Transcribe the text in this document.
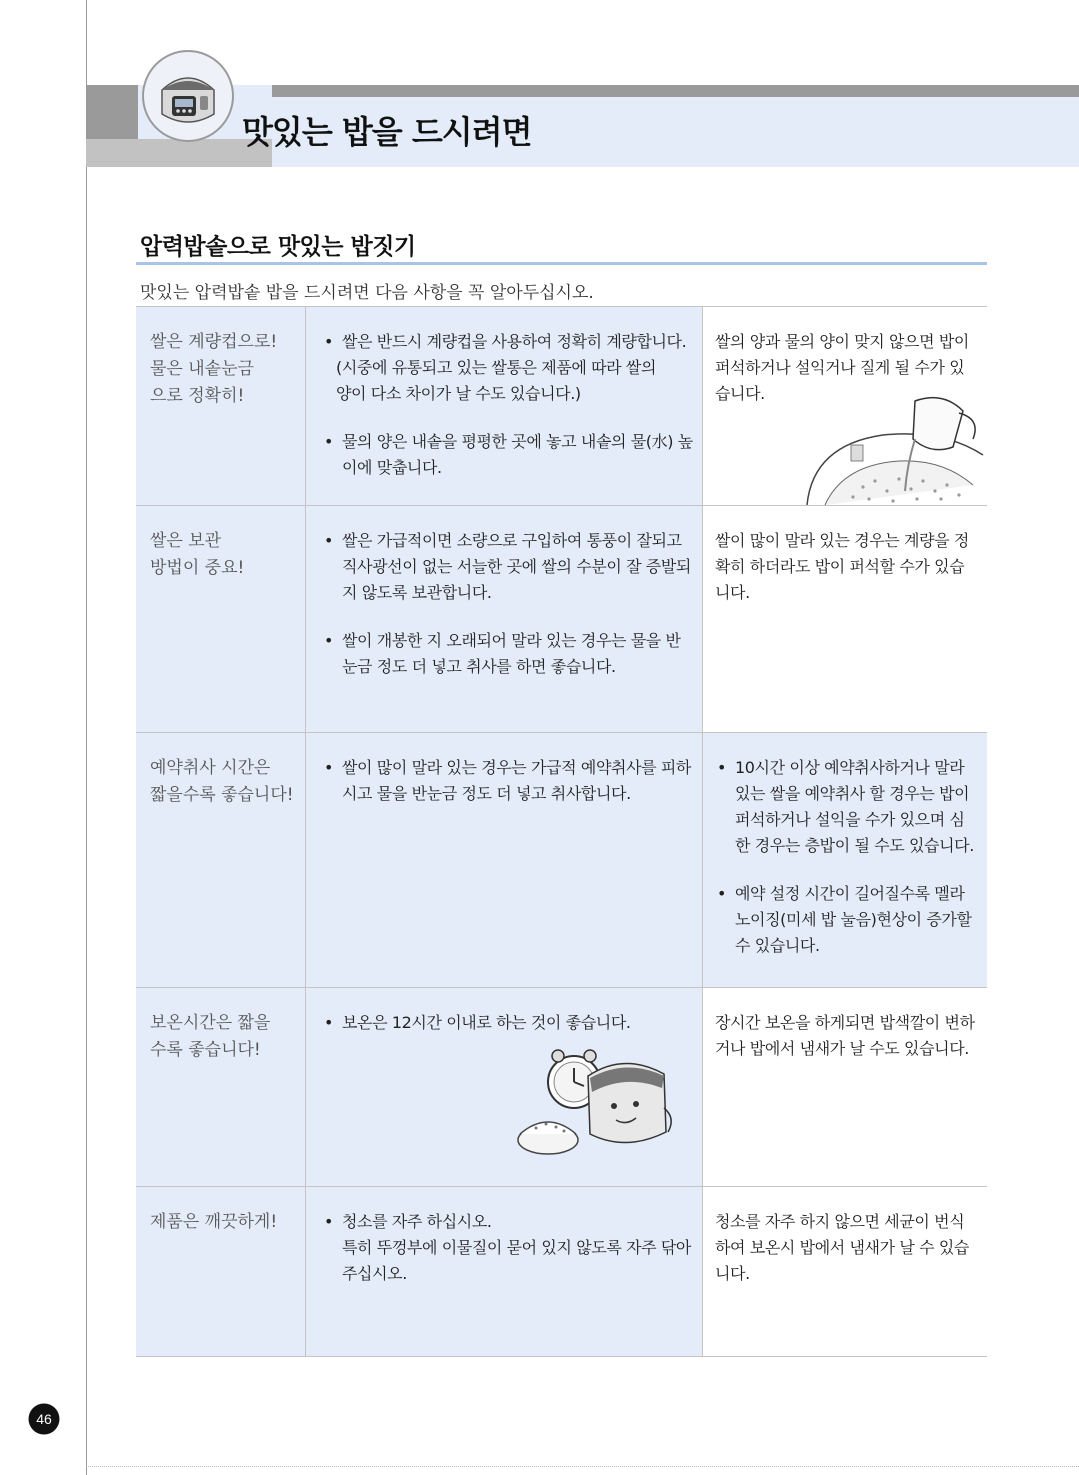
맛있는 밥을 드시려면
압력밥솥으로 맛있는 밥짓기
맛있는 압력밥솥 밥을 드시려면 다음 사항을 꼭 알아두십시오.
쌀은 계량컵으로!
물은 내솥눈금
으로 정확히!
• 쌀은 반드시 계량컵을 사용하여 정확히 계량합니다.
(시중에 유통되고 있는 쌀통은 제품에 따라 쌀의
양이 다소 차이가 날 수도 있습니다.)
• 물의 양은 내솥을 평평한 곳에 놓고 내솥의 물(水) 높이에 맞춥니다.
쌀의 양과 물의 양이 맞지 않으면 밥이 퍼석하거나 설익거나 질게 될 수가 있습니다.
쌀은 보관
방법이 중요!
• 쌀은 가급적이면 소량으로 구입하여 통풍이 잘되고 직사광선이 없는 서늘한 곳에 쌀의 수분이 잘 증발되지 않도록 보관합니다.
• 쌀이 개봉한 지 오래되어 말라 있는 경우는 물을 반눈금 정도 더 넣고 취사를 하면 좋습니다.
쌀이 많이 말라 있는 경우는 계량을 정확히 하더라도 밥이 퍼석할 수가 있습니다.
예약취사 시간은
짧을수록 좋습니다!
• 쌀이 많이 말라 있는 경우는 가급적 예약취사를 피하시고 물을 반눈금 정도 더 넣고 취사합니다.
• 10시간 이상 예약취사하거나 말라 있는 쌀을 예약취사 할 경우는 밥이 퍼석하거나 설익을 수가 있으며 심한 경우는 층밥이 될 수도 있습니다.
• 예약 설정 시간이 길어질수록 멜라노이징(미세 밥 눌음)현상이 증가할 수 있습니다.
보온시간은 짧을
수록 좋습니다!
• 보온은 12시간 이내로 하는 것이 좋습니다.	장시간 보온을 하게되면 밥색깔이 변하거나 밥에서 냄새가 날 수도 있습니다.
제품은 깨끗하게!
•	청소를 자주 하십시오.
특히 뚜껑부에 이물질이 묻어 있지 않도록 자주 닦아 주십시오.
청소를 자주 하지 않으면 세균이 번식하여 보온시 밥에서 냄새가 날 수 있습니다.
46
